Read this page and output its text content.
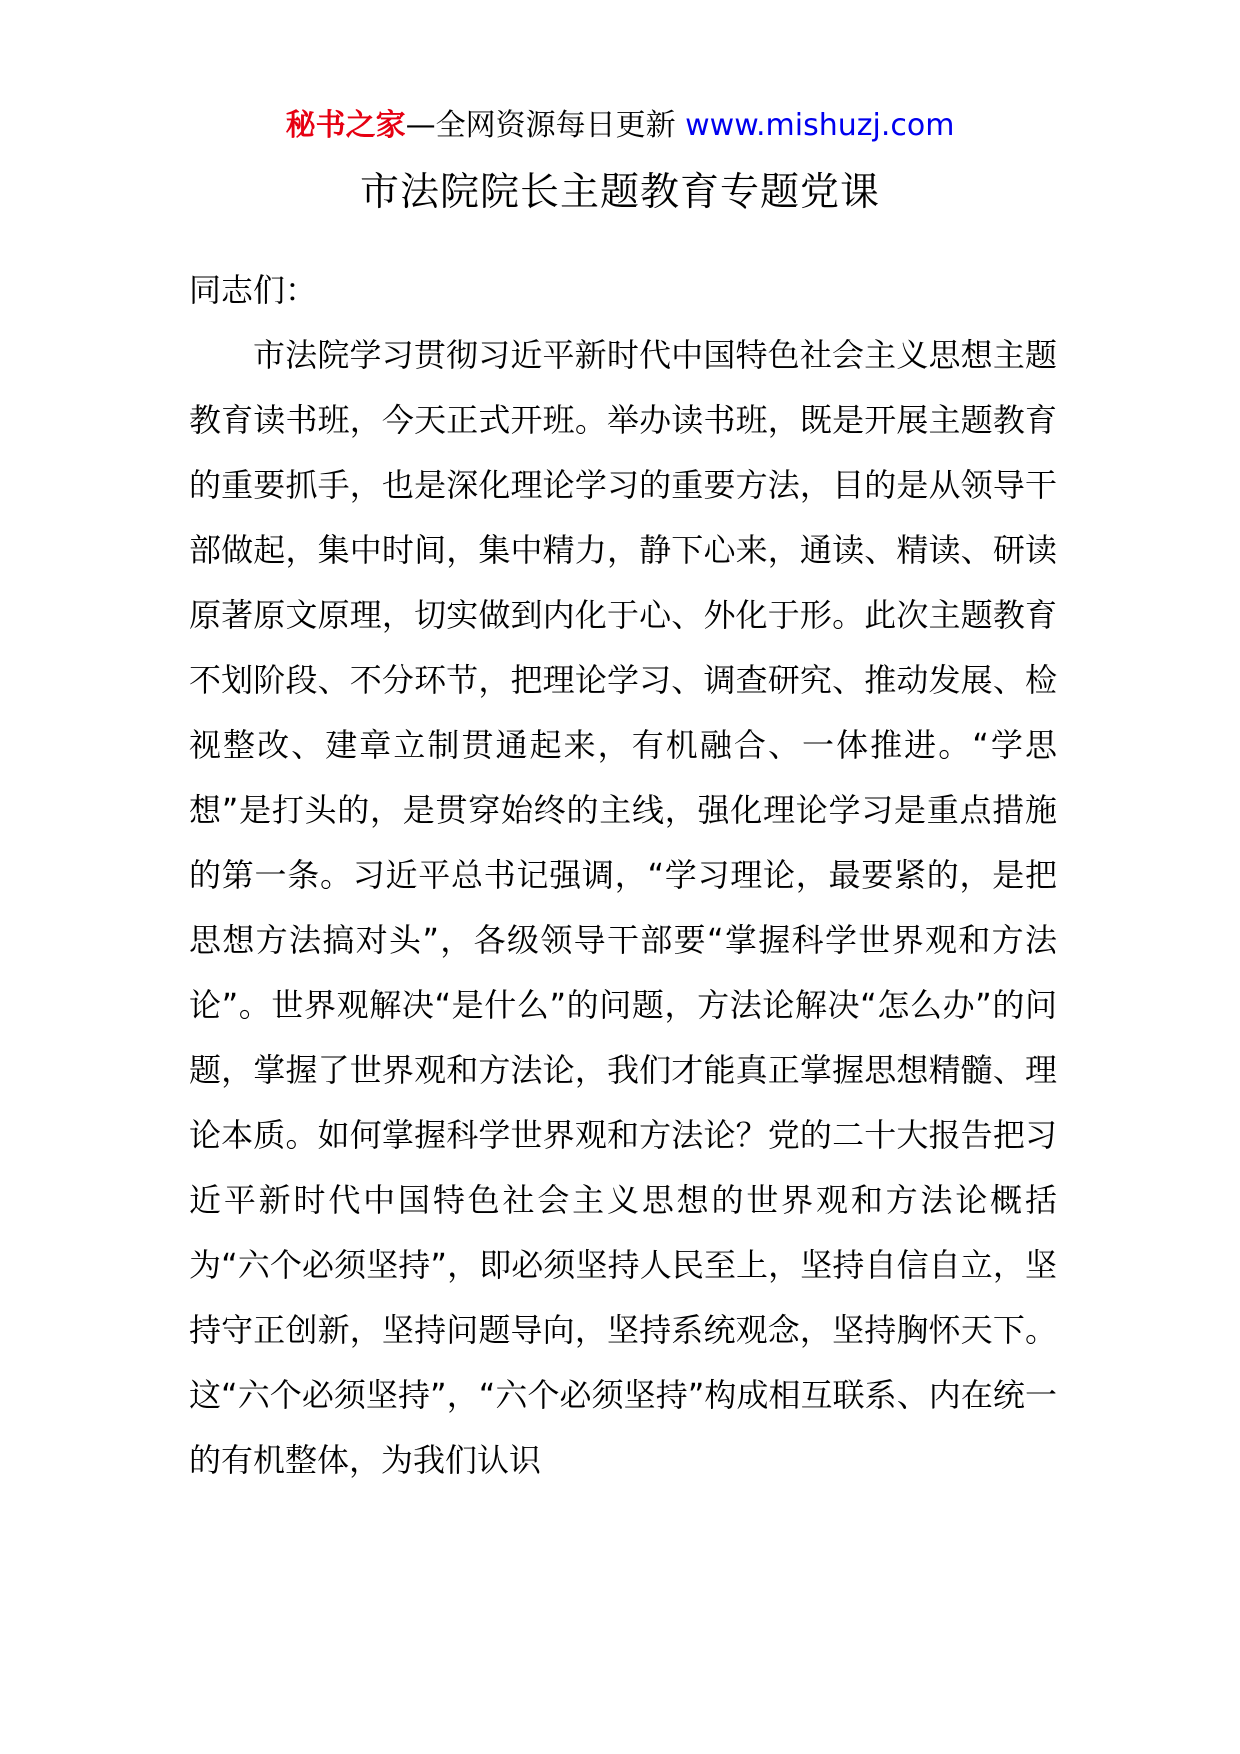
秘书之家—全网资源每日更新 www.mishuzj.com
市法院院长主题教育专题党课

同志们：

市法院学习贯彻习近平新时代中国特色社会主义思想主题教育读书班，今天正式开班。举办读书班，既是开展主题教育的重要抓手，也是深化理论学习的重要方法，目的是从领导干部做起，集中时间，集中精力，静下心来，通读、精读、研读原著原文原理，切实做到内化于心、外化于形。此次主题教育不划阶段、不分环节，把理论学习、调查研究、推动发展、检视整改、建章立制贯通起来，有机融合、一体推进。“学思想”是打头的，是贯穿始终的主线，强化理论学习是重点措施的第一条。习近平总书记强调，“学习理论，最要紧的，是把思想方法搞对头”，各级领导干部要“掌握科学世界观和方法论”。世界观解决“是什么”的问题，方法论解决“怎么办”的问题，掌握了世界观和方法论，我们才能真正掌握思想精髓、理论本质。如何掌握科学世界观和方法论？党的二十大报告把习近平新时代中国特色社会主义思想的世界观和方法论概括为“六个必须坚持”，即必须坚持人民至上，坚持自信自立，坚持守正创新，坚持问题导向，坚持系统观念，坚持胸怀天下。这“六个必须坚持”，“六个必须坚持”构成相互联系、内在统一的有机整体，为我们认识
